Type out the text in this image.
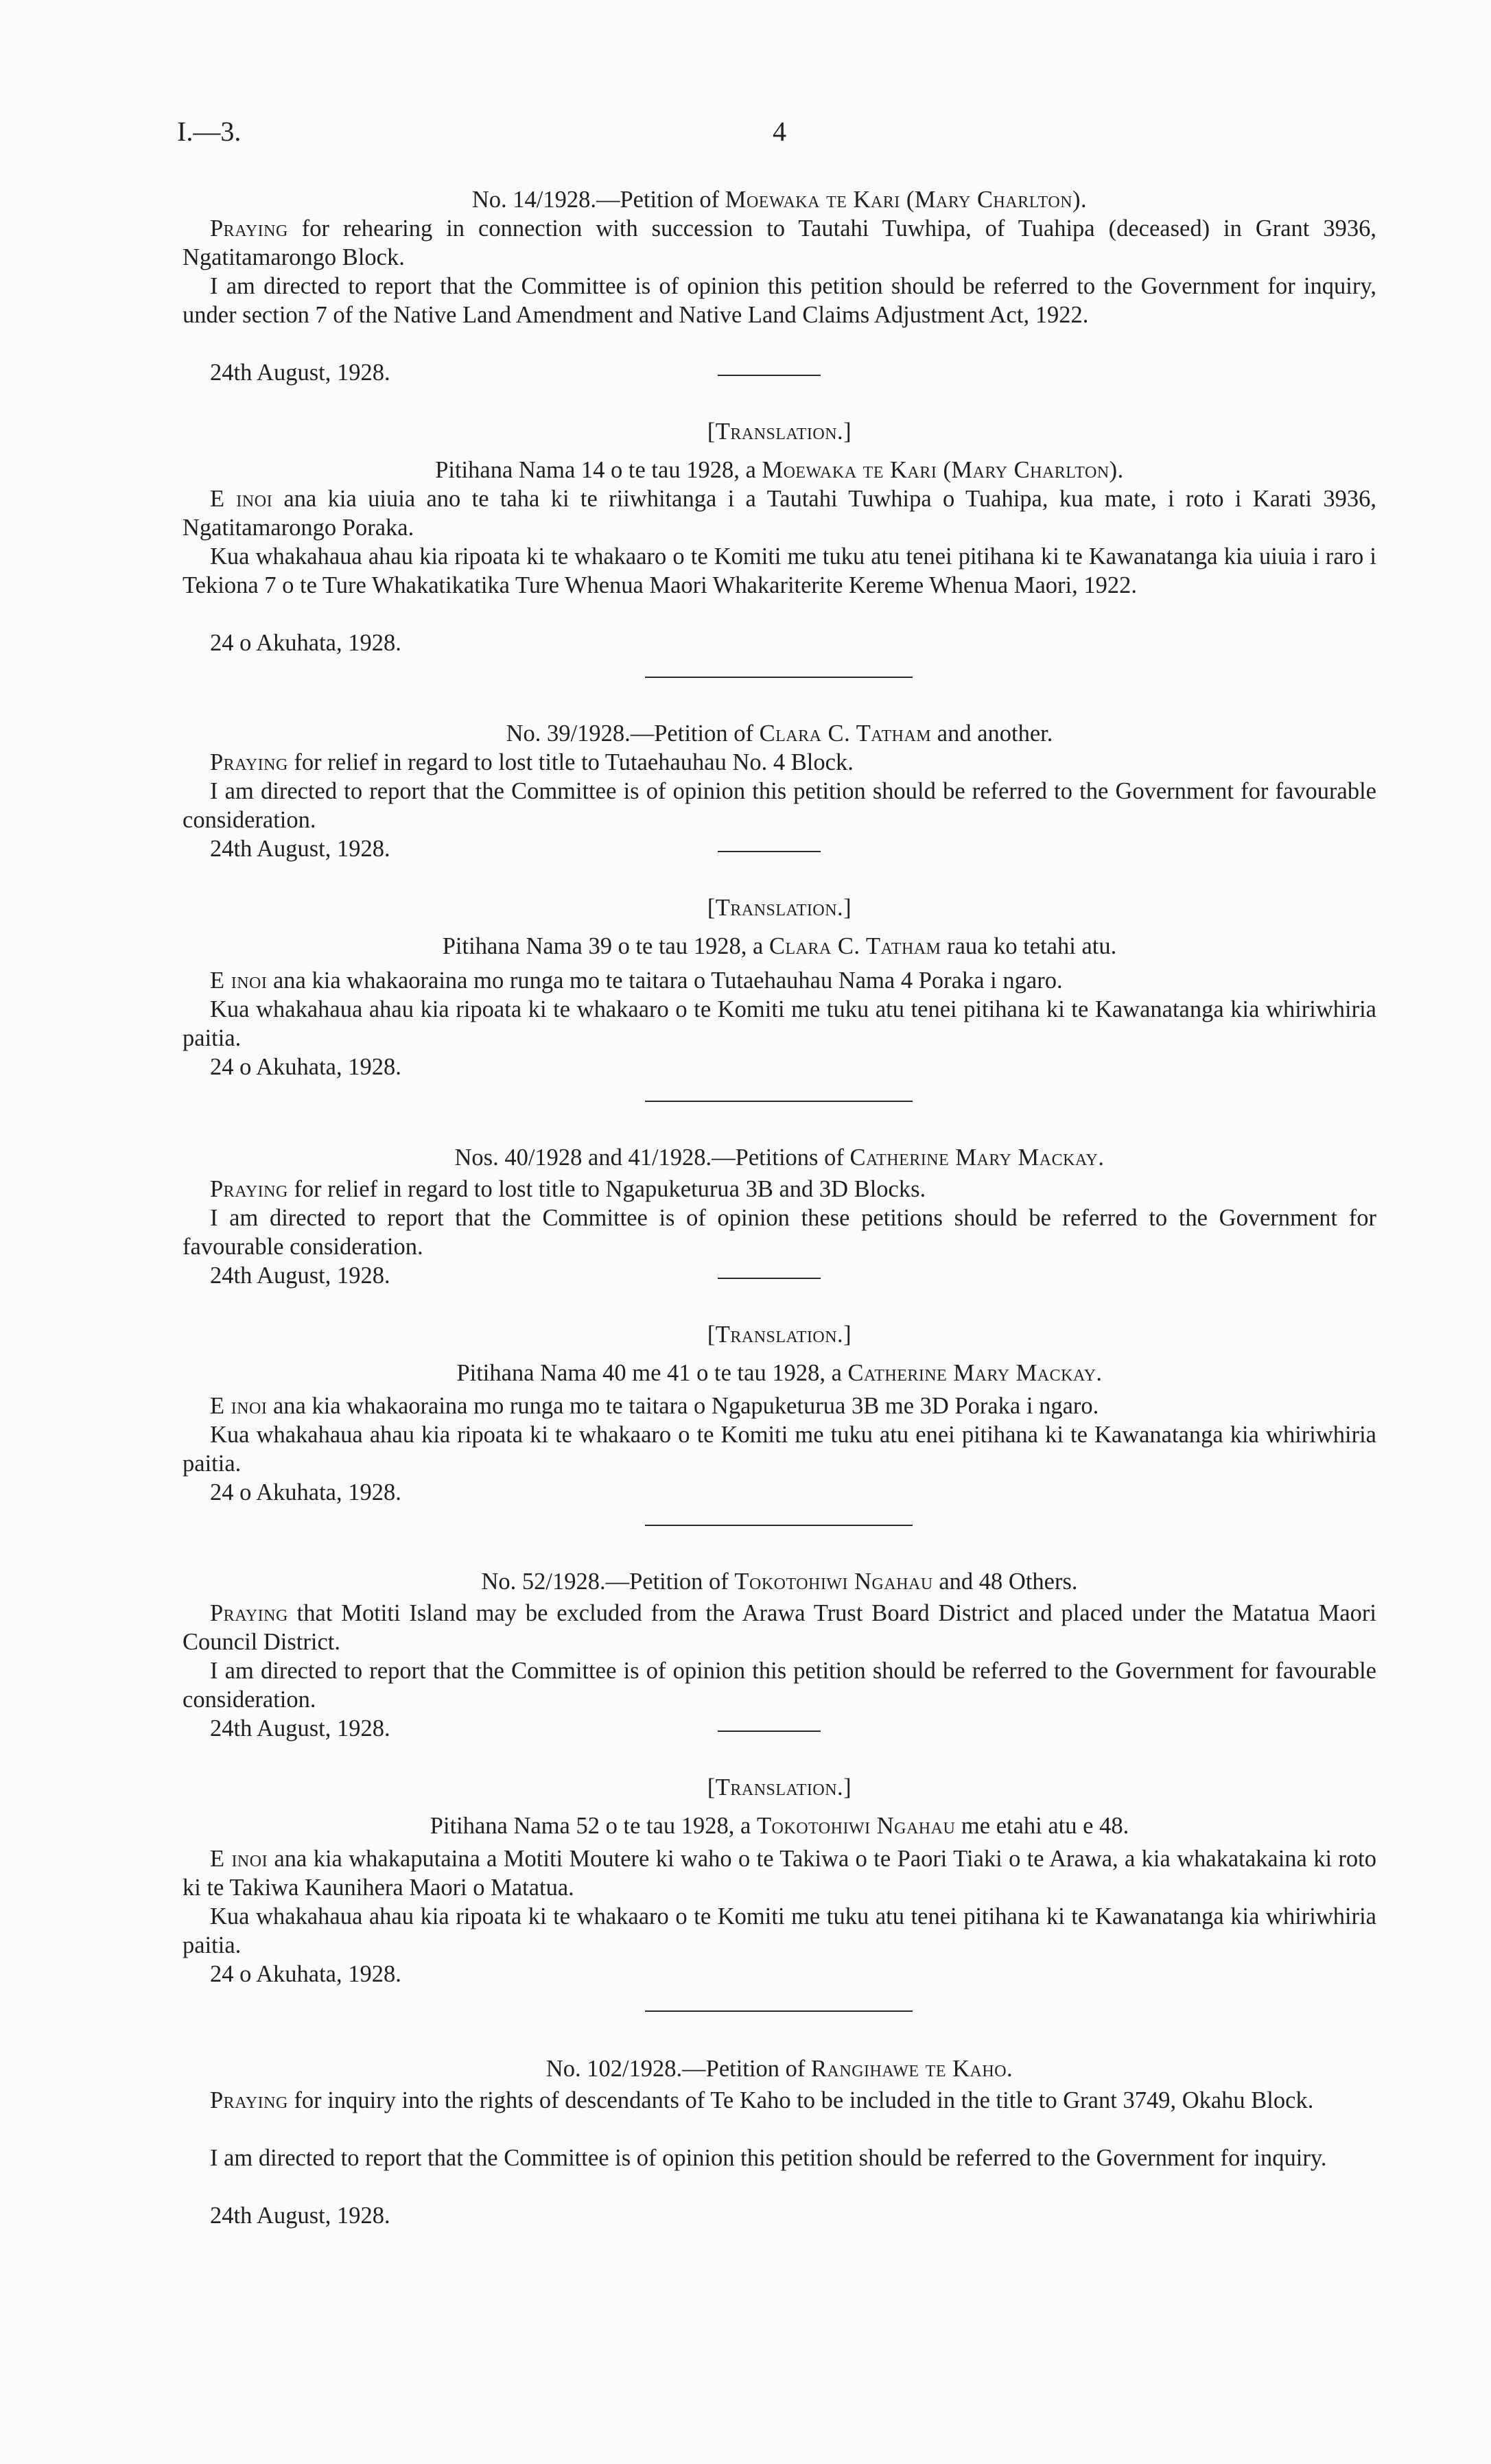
I.—3.	4
No. 14/1928.—Petition of Moewaka te Kari (Mary Charlton).
Praying for rehearing in connection with succession to Tautahi Tuwhipa, of Tuahipa (deceased) in Grant 3936, Ngatitamarongo Block.
I am directed to report that the Committee is of opinion this petition should be referred to the Government for inquiry, under section 7 of the Native Land Amendment and Native Land Claims Adjustment Act, 1922.
24th August, 1928.
[Translation.]
Pitihana Nama 14 o te tau 1928, a Moewaka te Kari (Mary Charlton).
E inoi ana kia uiuia ano te taha ki te riiwhitanga i a Tautahi Tuwhipa o Tuahipa, kua mate, i roto i Karati 3936, Ngatitamarongo Poraka.
Kua whakahaua ahau kia ripoata ki te whakaaro o te Komiti me tuku atu tenei pitihana ki te Kawanatanga kia uiuia i raro i Tekiona 7 o te Ture Whakatikatika Ture Whenua Maori Whakariterite Kereme Whenua Maori, 1922.
24 o Akuhata, 1928.
No. 39/1928.—Petition of Clara C. Tatham and another.
Praying for relief in regard to lost title to Tutaehauhau No. 4 Block.
I am directed to report that the Committee is of opinion this petition should be referred to the Government for favourable consideration.
24th August, 1928.
[Translation.]
Pitihana Nama 39 o te tau 1928, a Clara C. Tatham raua ko tetahi atu.
E inoi ana kia whakaoraina mo runga mo te taitara o Tutaehauhau Nama 4 Poraka i ngaro.
Kua whakahaua ahau kia ripoata ki te whakaaro o te Komiti me tuku atu tenei pitihana ki te Kawanatanga kia whiriwhiria paitia.
24 o Akuhata, 1928.
Nos. 40/1928 and 41/1928.—Petitions of Catherine Mary Mackay.
Praying for relief in regard to lost title to Ngapuketurua 3B and 3D Blocks.
I am directed to report that the Committee is of opinion these petitions should be referred to the Government for favourable consideration.
24th August, 1928.
[Translation.]
Pitihana Nama 40 me 41 o te tau 1928, a Catherine Mary Mackay.
E inoi ana kia whakaoraina mo runga mo te taitara o Ngapuketurua 3B me 3D Poraka i ngaro.
Kua whakahaua ahau kia ripoata ki te whakaaro o te Komiti me tuku atu enei pitihana ki te Kawanatanga kia whiriwhiria paitia.
24 o Akuhata, 1928.
No. 52/1928.—Petition of Tokotohiwi Ngahau and 48 Others.
Praying that Motiti Island may be excluded from the Arawa Trust Board District and placed under the Matatua Maori Council District.
I am directed to report that the Committee is of opinion this petition should be referred to the Government for favourable consideration.
24th August, 1928.
[Translation.]
Pitihana Nama 52 o te tau 1928, a Tokotohiwi Ngahau me etahi atu e 48.
E inoi ana kia whakaputaina a Motiti Moutere ki waho o te Takiwa o te Paori Tiaki o te Arawa, a kia whakatakaina ki roto ki te Takiwa Kaunihera Maori o Matatua.
Kua whakahaua ahau kia ripoata ki te whakaaro o te Komiti me tuku atu tenei pitihana ki te Kawanatanga kia whiriwhiria paitia.
24 o Akuhata, 1928.
No. 102/1928.—Petition of Rangihawe te Kaho.
Praying for inquiry into the rights of descendants of Te Kaho to be included in the title to Grant 3749, Okahu Block.
I am directed to report that the Committee is of opinion this petition should be referred to the Government for inquiry.
24th August, 1928.
